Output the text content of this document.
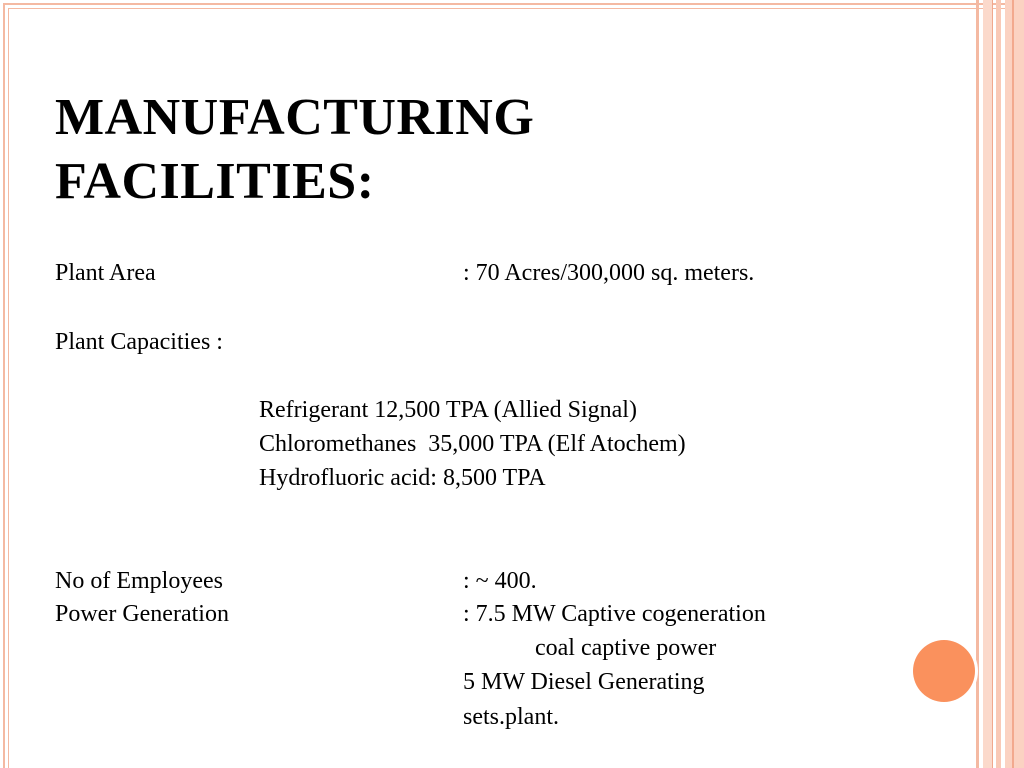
MANUFACTURING
FACILITIES:
Plant Area	: 70 Acres/300,000 sq. meters.
Plant Capacities :
Refrigerant 12,500 TPA (Allied Signal)
Chloromethanes  35,000 TPA (Elf Atochem)
Hydrofluoric acid: 8,500 TPA
No of Employees	: ~ 400.
Power Generation	: 7.5 MW Captive cogeneration
coal captive power
5 MW Diesel Generating
sets.plant.
